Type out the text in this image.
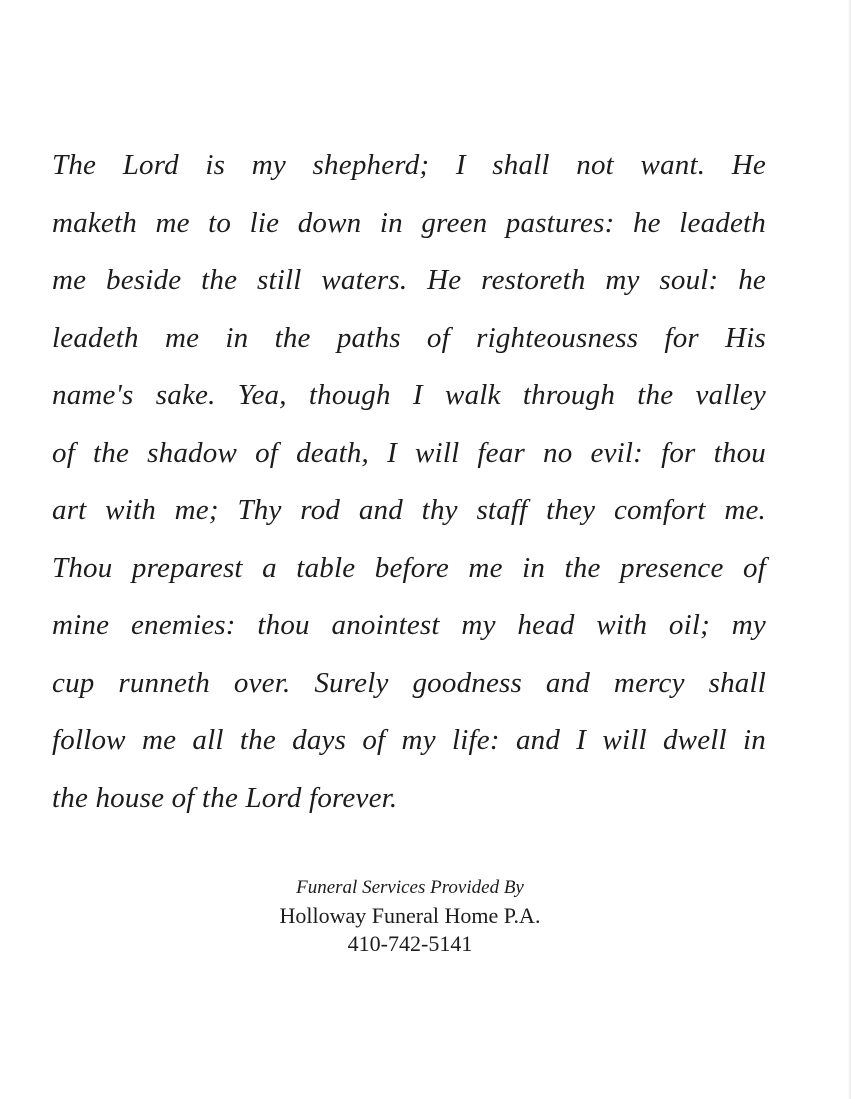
The Lord is my shepherd; I shall not want. He
maketh me to lie down in green pastures: he leadeth
me beside the still waters. He restoreth my soul: he
leadeth me in the paths of righteousness for His
name's sake. Yea, though I walk through the valley
of the shadow of death, I will fear no evil: for thou
art with me; Thy rod and thy staff they comfort me.
Thou preparest a table before me in the presence of
mine enemies: thou anointest my head with oil; my
cup runneth over. Surely goodness and mercy shall
follow me all the days of my life: and I will dwell in
the house of the Lord forever.
Funeral Services Provided By
Holloway Funeral Home P.A.
410-742-5141
